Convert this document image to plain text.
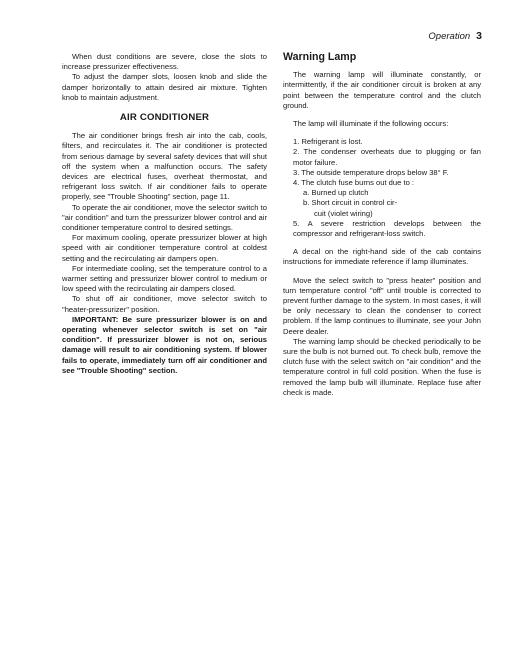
Operation 3

When dust conditions are severe, close the slots to increase pressurizer effectiveness.

To adjust the damper slots, loosen knob and slide the damper horizontally to attain desired air mixture. Tighten knob to maintain adjustment.

AIR CONDITIONER

The air conditioner brings fresh air into the cab, cools, filters, and recirculates it. The air conditioner is protected from serious damage by several safety devices that will shut off the system when a malfunction occurs. The safety devices are electrical fuses, overheat thermostat, and refrigerant loss switch. If air conditioner fails to operate properly, see "Trouble Shooting" section, page 11.

To operate the air conditioner, move the selector switch to "air condition" and turn the pressurizer blower control and air conditioner temperature control to desired settings.

For maximum cooling, operate pressurizer blower at high speed with air conditioner temperature control at coldest setting and the recirculating air dampers open.

For intermediate cooling, set the temperature control to a warmer setting and pressurizer blower control to medium or low speed with the recirculating air dampers closed.

To shut off air conditioner, move selector switch to "heater-pressurizer" position.

IMPORTANT: Be sure pressurizer blower is on and operating whenever selector switch is set on "air condition". If pressurizer blower is not on, serious damage will result to air conditioning system. If blower fails to operate, immediately turn off air conditioner and see "Trouble Shooting" section.

Warning Lamp

The warning lamp will illuminate constantly, or intermittently, if the air conditioner circuit is broken at any point between the temperature control and the clutch ground.

The lamp will illuminate if the following occurs:

1. Refrigerant is lost.

2. The condenser overheats due to plugging or fan motor failure.

3. The outside temperature drops below 38° F.

4. The clutch fuse burns out due to :

a. Burned up clutch

b. Short circuit in control cir-

cuit (violet wiring)

5. A severe restriction develops between the compressor and refrigerant-loss switch.

A decal on the right-hand side of the cab contains instructions for immediate reference if lamp illuminates.

Move the select switch to "press heater" position and turn temperature control "off" until trouble is corrected to prevent further damage to the system. In most cases, it will be only necessary to clean the condenser to correct problem. If the lamp continues to illuminate, see your John Deere dealer.

The warning lamp should be checked periodically to be sure the bulb is not burned out. To check bulb, remove the clutch fuse with the select switch on "air condition" and the temperature control in full cold position. When the fuse is removed the lamp bulb will illuminate. Replace fuse after check is made.
